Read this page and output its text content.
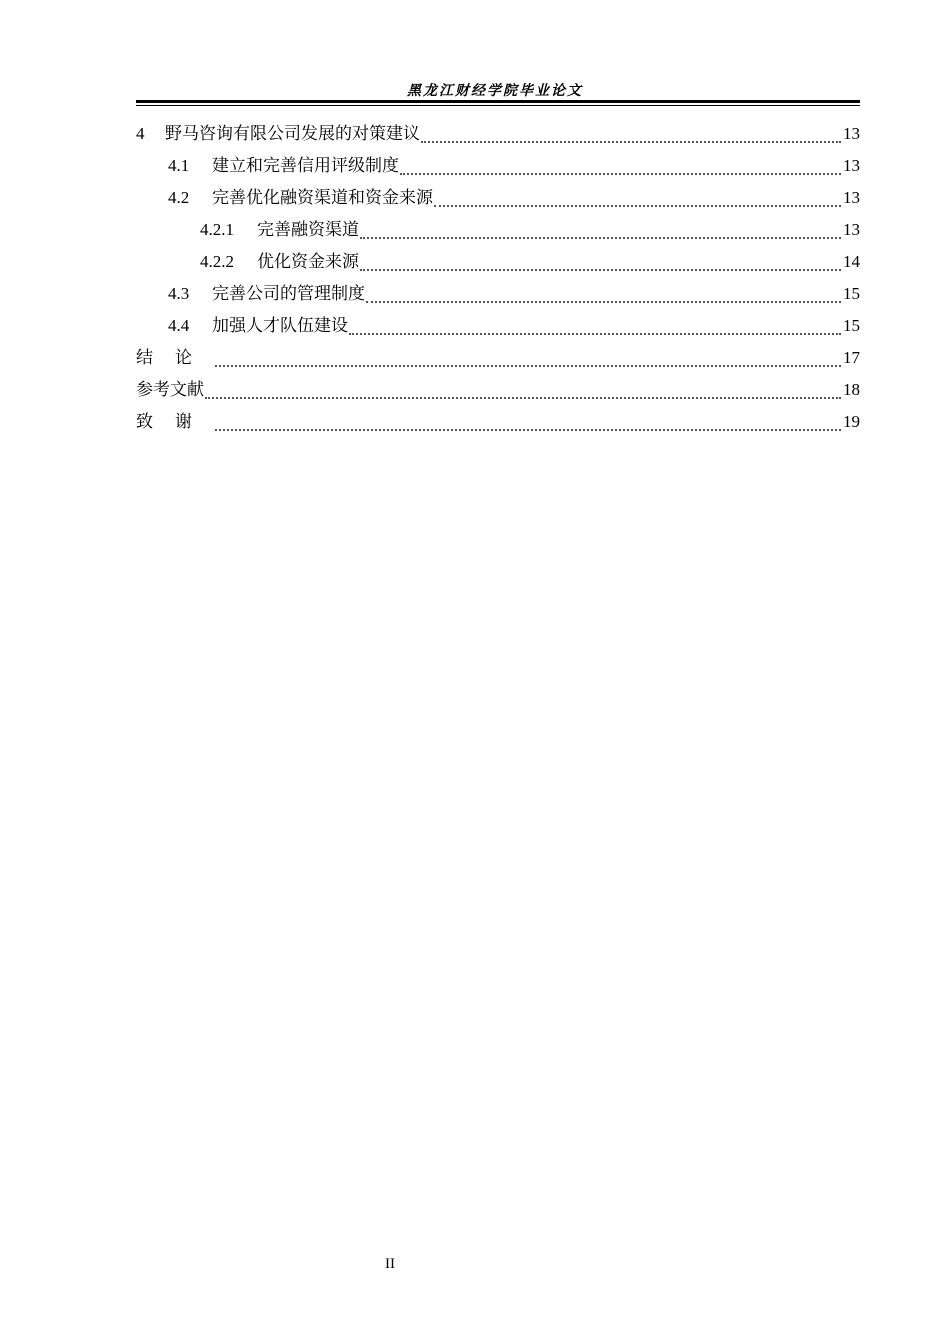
黑龙江财经学院毕业论文
4	野马咨询有限公司发展的对策建议	13
4.1	建立和完善信用评级制度	13
4.2	完善优化融资渠道和资金来源	13
4.2.1	完善融资渠道	13
4.2.2	优化资金来源	14
4.3	完善公司的管理制度	15
4.4	加强人才队伍建设	15
结论	17
参考文献	18
致谢	19
II
